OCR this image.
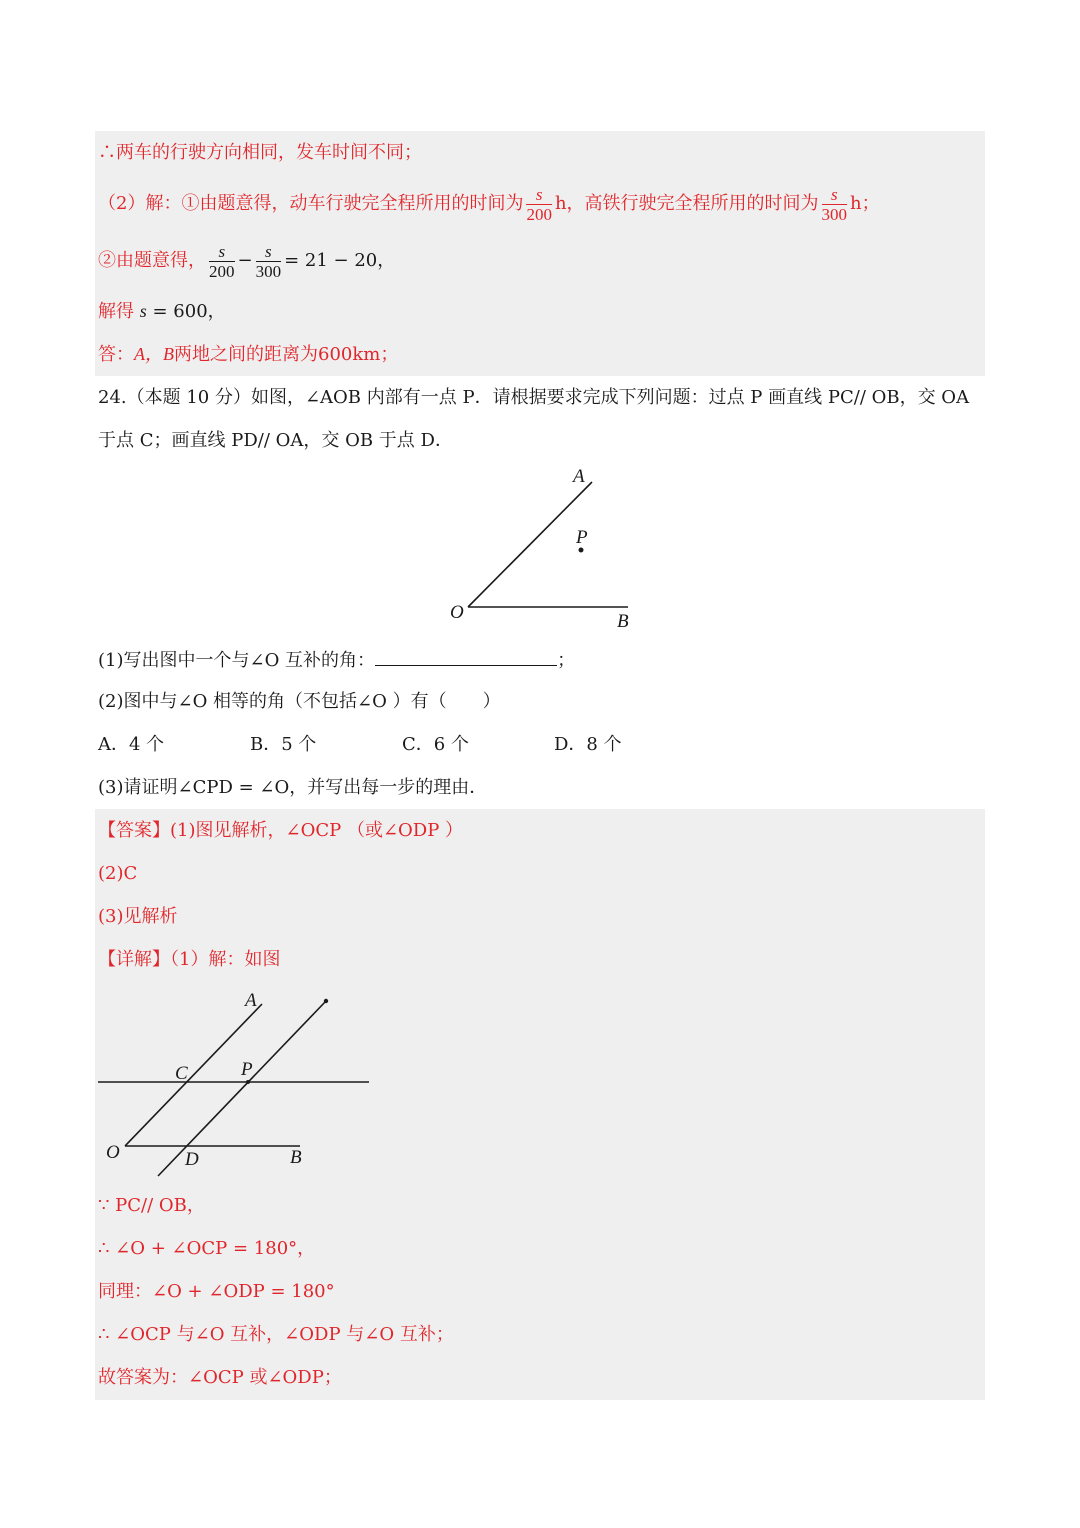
∴两车的行驶方向相同，发车时间不同；
（2）解：①由题意得，动车行驶完全程所用的时间为 $\frac{s}{200}$ h，高铁行驶完全程所用的时间为 $\frac{s}{300}$ h；
②由题意得， $\frac{s}{200} - \frac{s}{300} = 21 - 20$，
解得 s = 600，
答：A，B两地之间的距离为600km；
24.（本题 10 分）如图，∠AOB 内部有一点 P．请根据要求完成下列问题：过点 P 画直线 PC// OB，交 OA
于点 C；画直线 PD// OA，交 OB 于点 D．
A
P
O	B
(1)写出图中一个与∠O 互补的角：	；
(2)图中与∠O 相等的角（不包括∠O ）有（　　）
A．4 个	B．5 个	C．6 个	D．8 个
(3)请证明∠CPD = ∠O，并写出每一步的理由．
【答案】(1)图见解析，∠OCP （或∠ODP ）
(2)C
(3)见解析
【详解】（1）解：如图
A
C	P
O	D	B
∵ PC// OB，
∴ ∠O + ∠OCP = 180°，
同理：∠O + ∠ODP = 180°
∴ ∠OCP 与∠O 互补，∠ODP 与∠O 互补；
故答案为：∠OCP 或∠ODP；
